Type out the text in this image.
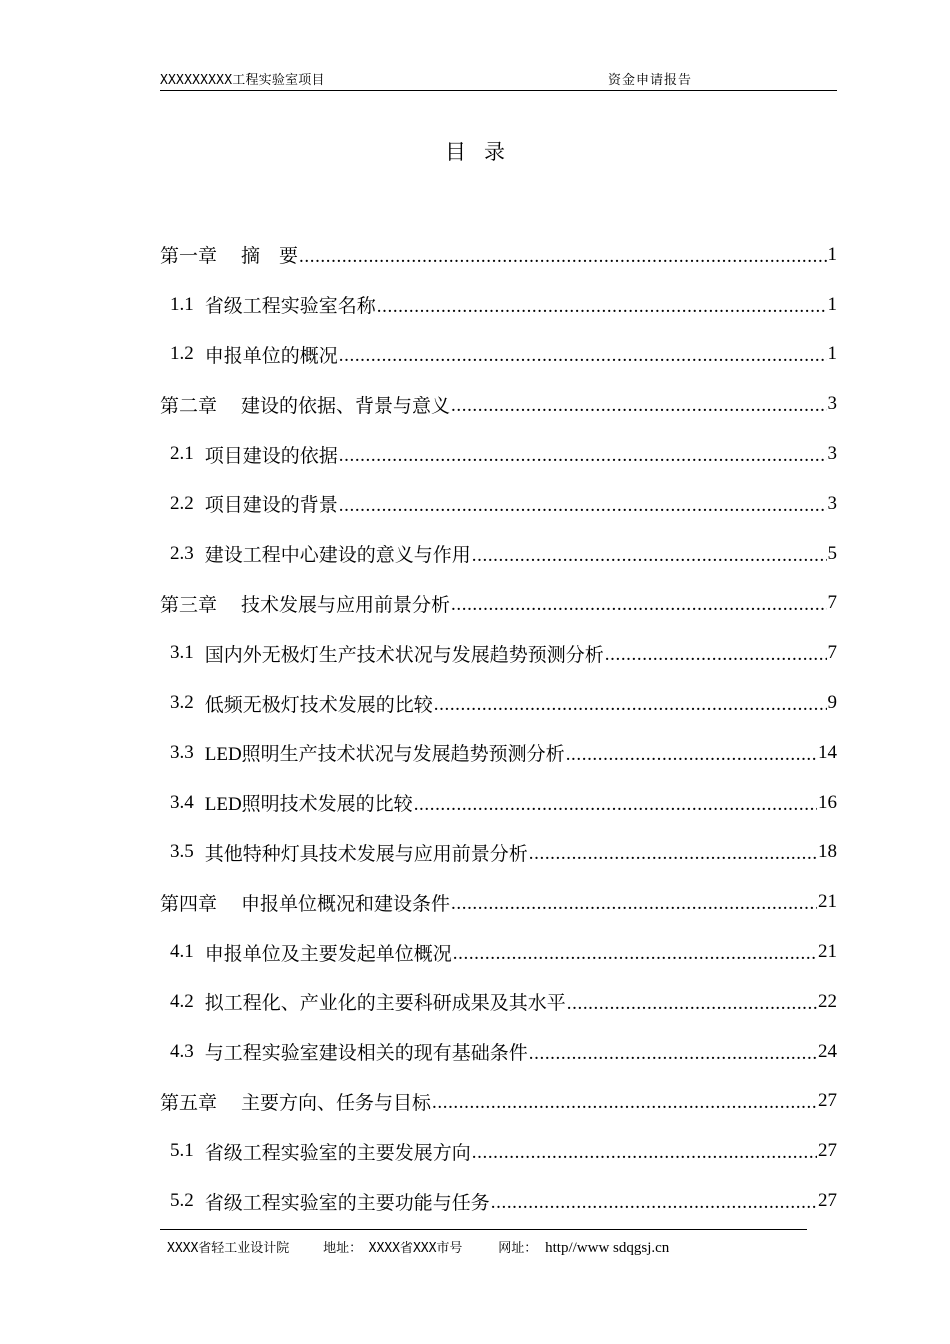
XXXXXXXXX工程实验室项目	资金申请报告
目录
第一章 摘　要 .....	1
1.1 省级工程实验室名称 .....	1
1.2 申报单位的概况 .....	1
第二章 建设的依据、背景与意义 .....	3
2.1 项目建设的依据 .....	3
2.2 项目建设的背景 .....	3
2.3 建设工程中心建设的意义与作用 .....	5
第三章 技术发展与应用前景分析 .....	7
3.1 国内外无极灯生产技术状况与发展趋势预测分析 .....	7
3.2 低频无极灯技术发展的比较 .....	9
3.3 LED照明生产技术状况与发展趋势预测分析 .....	14
3.4 LED照明技术发展的比较 .....	16
3.5 其他特种灯具技术发展与应用前景分析 .....	18
第四章 申报单位概况和建设条件 .....	21
4.1 申报单位及主要发起单位概况 .....	21
4.2 拟工程化、产业化的主要科研成果及其水平 .....	22
4.3 与工程实验室建设相关的现有基础条件 .....	24
第五章 主要方向、任务与目标 .....	27
5.1 省级工程实验室的主要发展方向 .....	27
5.2 省级工程实验室的主要功能与任务 .....	27
XXXX省轻工业设计院	地址：　XXXX省XXX市号	网址： http//www sdqgsj.cn
